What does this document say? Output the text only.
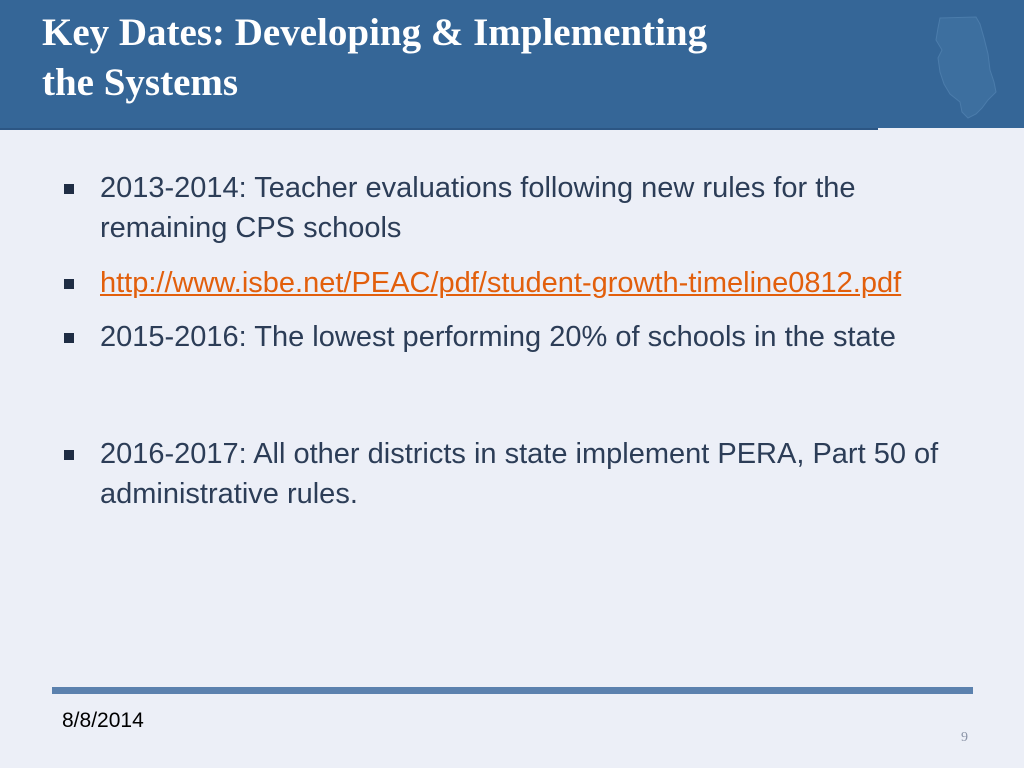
Key Dates: Developing & Implementing
the Systems
2013-2014: Teacher evaluations following new rules for the remaining CPS schools
http://www.isbe.net/PEAC/pdf/student-growth-timeline0812.pdf
2015-2016: The lowest performing 20% of schools in the state
2016-2017: All other districts in state implement PERA, Part 50 of administrative rules.
8/8/2014
9
